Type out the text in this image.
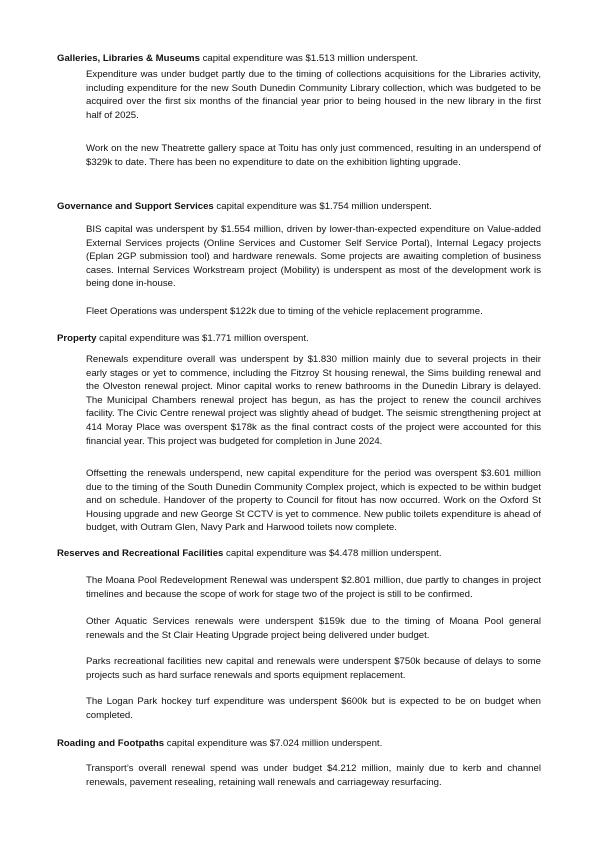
Galleries, Libraries & Museums capital expenditure was $1.513 million underspent.

Expenditure was under budget partly due to the timing of collections acquisitions for the Libraries activity, including expenditure for the new South Dunedin Community Library collection, which was budgeted to be acquired over the first six months of the financial year prior to being housed in the new library in the first half of 2025.

Work on the new Theatrette gallery space at Toitu has only just commenced, resulting in an underspend of $329k to date. There has been no expenditure to date on the exhibition lighting upgrade.

Governance and Support Services capital expenditure was $1.754 million underspent.

BIS capital was underspent by $1.554 million, driven by lower-than-expected expenditure on Value-added External Services projects (Online Services and Customer Self Service Portal), Internal Legacy projects (Eplan 2GP submission tool) and hardware renewals. Some projects are awaiting completion of business cases. Internal Services Workstream project (Mobility) is underspent as most of the development work is being done in-house.

Fleet Operations was underspent $122k due to timing of the vehicle replacement programme.

Property capital expenditure was $1.771 million overspent.

Renewals expenditure overall was underspent by $1.830 million mainly due to several projects in their early stages or yet to commence, including the Fitzroy St housing renewal, the Sims building renewal and the Olveston renewal project. Minor capital works to renew bathrooms in the Dunedin Library is delayed. The Municipal Chambers renewal project has begun, as has the project to renew the council archives facility. The Civic Centre renewal project was slightly ahead of budget. The seismic strengthening project at 414 Moray Place was overspent $178k as the final contract costs of the project were accounted for this financial year. This project was budgeted for completion in June 2024.

Offsetting the renewals underspend, new capital expenditure for the period was overspent $3.601 million due to the timing of the South Dunedin Community Complex project, which is expected to be within budget and on schedule. Handover of the property to Council for fitout has now occurred. Work on the Oxford St Housing upgrade and new George St CCTV is yet to commence. New public toilets expenditure is ahead of budget, with Outram Glen, Navy Park and Harwood toilets now complete.

Reserves and Recreational Facilities capital expenditure was $4.478 million underspent.

The Moana Pool Redevelopment Renewal was underspent $2.801 million, due partly to changes in project timelines and because the scope of work for stage two of the project is still to be confirmed.

Other Aquatic Services renewals were underspent $159k due to the timing of Moana Pool general renewals and the St Clair Heating Upgrade project being delivered under budget.

Parks recreational facilities new capital and renewals were underspent $750k because of delays to some projects such as hard surface renewals and sports equipment replacement.

The Logan Park hockey turf expenditure was underspent $600k but is expected to be on budget when completed.

Roading and Footpaths capital expenditure was $7.024 million underspent.

Transport’s overall renewal spend was under budget $4.212 million, mainly due to kerb and channel renewals, pavement resealing, retaining wall renewals and carriageway resurfacing.
